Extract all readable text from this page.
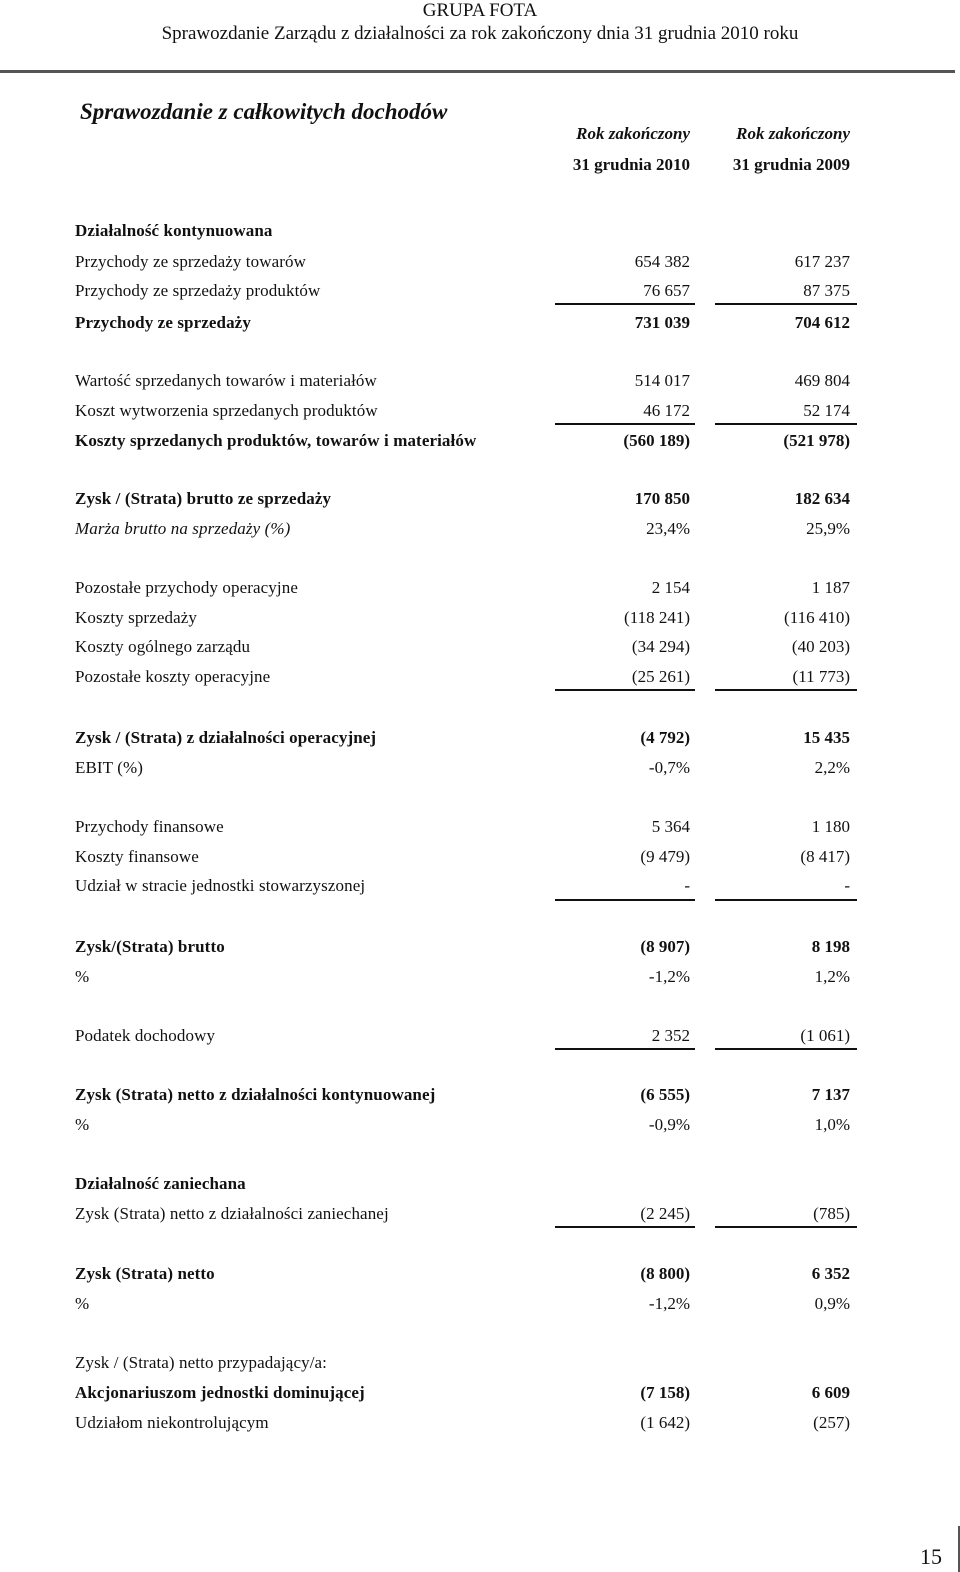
GRUPA FOTA
Sprawozdanie Zarządu z działalności za rok zakończony dnia 31 grudnia 2010 roku
Sprawozdanie z całkowitych dochodów
Rok zakończony
31 grudnia 2010
Rok zakończony
31 grudnia 2009
Działalność kontynuowana
Przychody ze sprzedaży towarów	654 382	617 237
Przychody ze sprzedaży produktów	76 657	87 375
Przychody ze sprzedaży	731 039	704 612
Wartość sprzedanych towarów i materiałów	514 017	469 804
Koszt wytworzenia sprzedanych produktów	46 172	52 174
Koszty sprzedanych produktów, towarów i materiałów	(560 189)	(521 978)
Zysk / (Strata) brutto ze sprzedaży	170 850	182 634
Marża brutto na sprzedaży (%)	23,4%	25,9%
Pozostałe przychody operacyjne	2 154	1 187
Koszty sprzedaży	(118 241)	(116 410)
Koszty ogólnego zarządu	(34 294)	(40 203)
Pozostałe koszty operacyjne	(25 261)	(11 773)
Zysk / (Strata) z działalności operacyjnej	(4 792)	15 435
EBIT (%)	-0,7%	2,2%
Przychody finansowe	5 364	1 180
Koszty finansowe	(9 479)	(8 417)
Udział w stracie jednostki stowarzyszonej	-	-
Zysk/(Strata) brutto	(8 907)	8 198
%	-1,2%	1,2%
Podatek dochodowy	2 352	(1 061)
Zysk (Strata) netto z działalności kontynuowanej	(6 555)	7 137
%	-0,9%	1,0%
Działalność zaniechana
Zysk (Strata) netto z działalności zaniechanej	(2 245)	(785)
Zysk (Strata) netto	(8 800)	6 352
%	-1,2%	0,9%
Zysk / (Strata) netto przypadający/a:
Akcjonariuszom jednostki dominującej	(7 158)	6 609
Udziałom niekontrolującym	(1 642)	(257)
15
